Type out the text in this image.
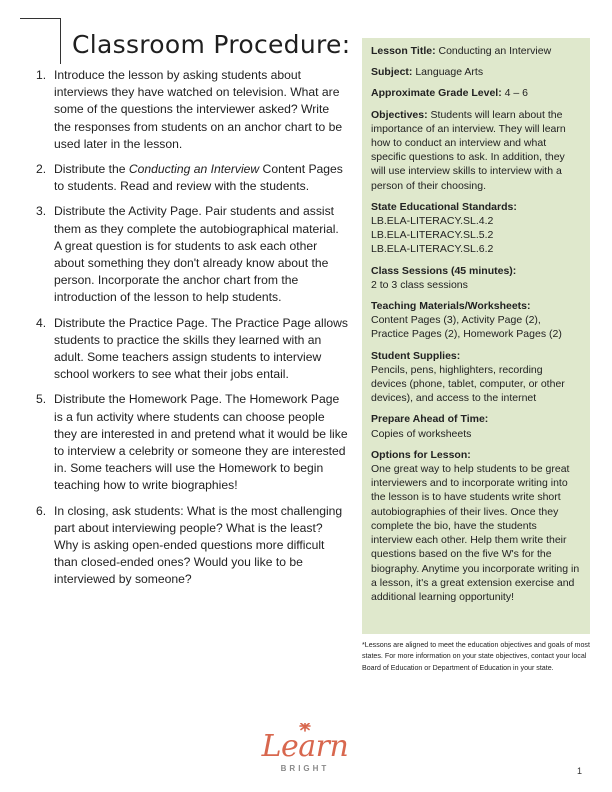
Classroom Procedure:
1. Introduce the lesson by asking students about interviews they have watched on television. What are some of the questions the interviewer asked? Write the responses from students on an anchor chart to be used later in the lesson.
2. Distribute the Conducting an Interview Content Pages to students. Read and review with the students.
3. Distribute the Activity Page. Pair students and assist them as they complete the autobiographical material. A great question is for students to ask each other about something they don't already know about the person. Incorporate the anchor chart from the introduction of the lesson to help students.
4. Distribute the Practice Page. The Practice Page allows students to practice the skills they learned with an adult. Some teachers assign students to interview school workers to see what their jobs entail.
5. Distribute the Homework Page. The Homework Page is a fun activity where students can choose people they are interested in and pretend what it would be like to interview a celebrity or someone they are interested in. Some teachers will use the Homework to begin teaching how to write biographies!
6. In closing, ask students: What is the most challenging part about interviewing people? What is the least? Why is asking open-ended questions more difficult than closed-ended ones? Would you like to be interviewed by someone?
Lesson Title: Conducting an Interview
Subject: Language Arts
Approximate Grade Level: 4 – 6
Objectives: Students will learn about the importance of an interview. They will learn how to conduct an interview and what specific questions to ask. In addition, they will use interview skills to interview with a person of their choosing.
State Educational Standards:
LB.ELA-LITERACY.SL.4.2
LB.ELA-LITERACY.SL.5.2
LB.ELA-LITERACY.SL.6.2
Class Sessions (45 minutes):
2 to 3 class sessions
Teaching Materials/Worksheets:
Content Pages (3), Activity Page (2), Practice Pages (2), Homework Pages (2)
Student Supplies:
Pencils, pens, highlighters, recording devices (phone, tablet, computer, or other devices), and access to the internet
Prepare Ahead of Time:
Copies of worksheets
Options for Lesson:
One great way to help students to be great interviewers and to incorporate writing into the lesson is to have students write short autobiographies of their lives. Once they complete the bio, have the students interview each other. Help them write their questions based on the five W's for the biography. Anytime you incorporate writing in a lesson, it's a great extension exercise and additional learning opportunity!
*Lessons are aligned to meet the education objectives and goals of most states. For more information on your state objectives, contact your local Board of Education or Department of Education in your state.
Learn
BRIGHT	1
